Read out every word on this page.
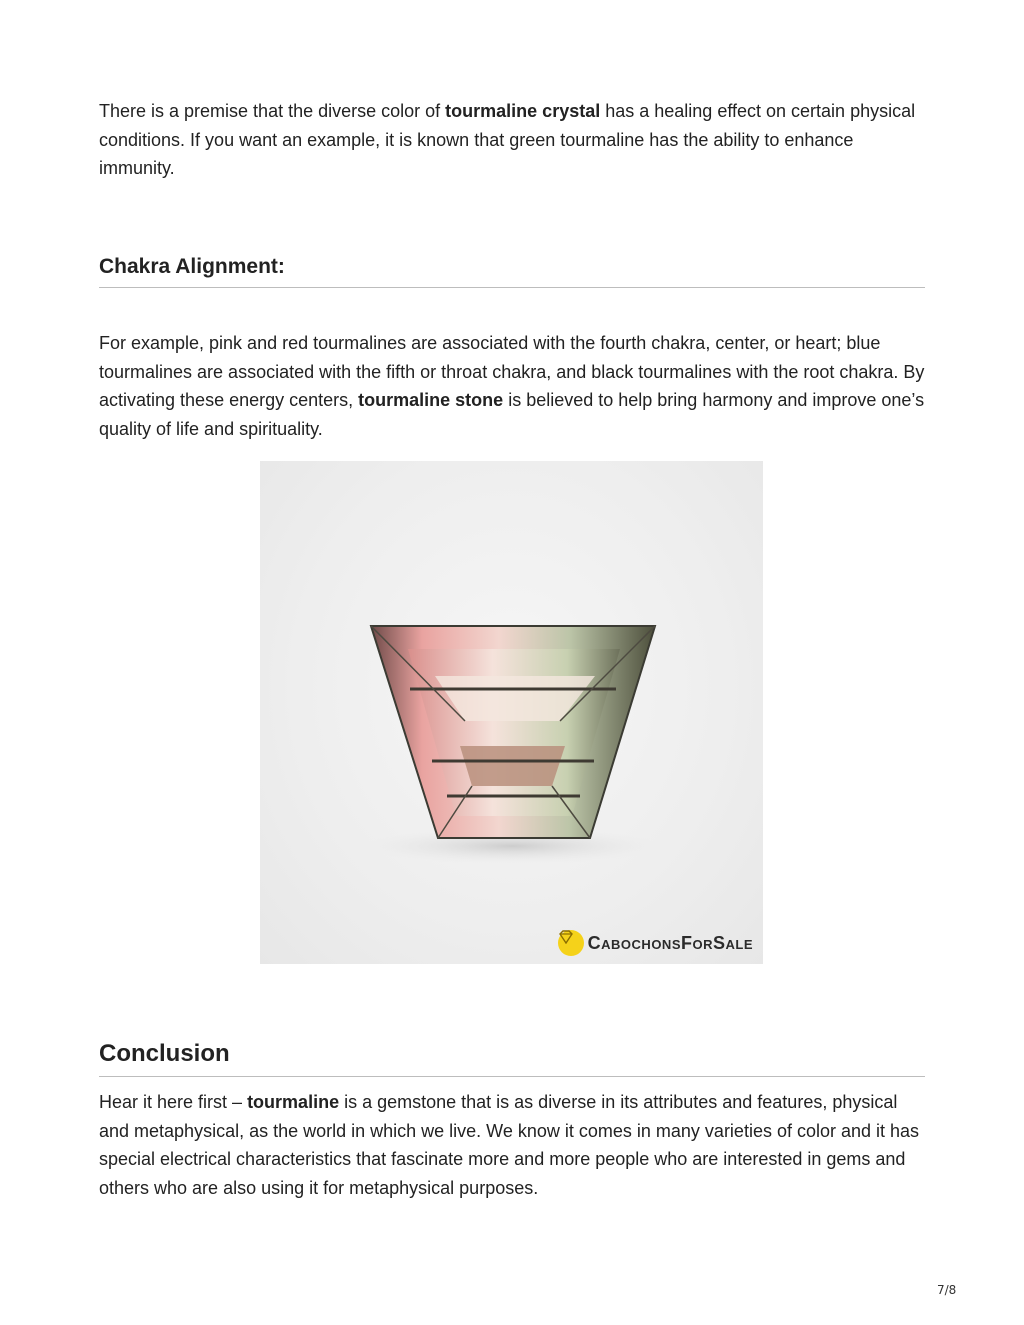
There is a premise that the diverse color of tourmaline crystal has a healing effect on certain physical conditions. If you want an example, it is known that green tourmaline has the ability to enhance immunity.

Chakra Alignment:

For example, pink and red tourmalines are associated with the fourth chakra, center, or heart; blue tourmalines are associated with the fifth or throat chakra, and black tourmalines with the root chakra. By activating these energy centers, tourmaline stone is believed to help bring harmony and improve one’s quality of life and spirituality.

CabochonsForSale
Conclusion

Hear it here first – tourmaline is a gemstone that is as diverse in its attributes and features, physical and metaphysical, as the world in which we live. We know it comes in many varieties of color and it has special electrical characteristics that fascinate more and more people who are interested in gems and others who are also using it for metaphysical purposes.

7/8
